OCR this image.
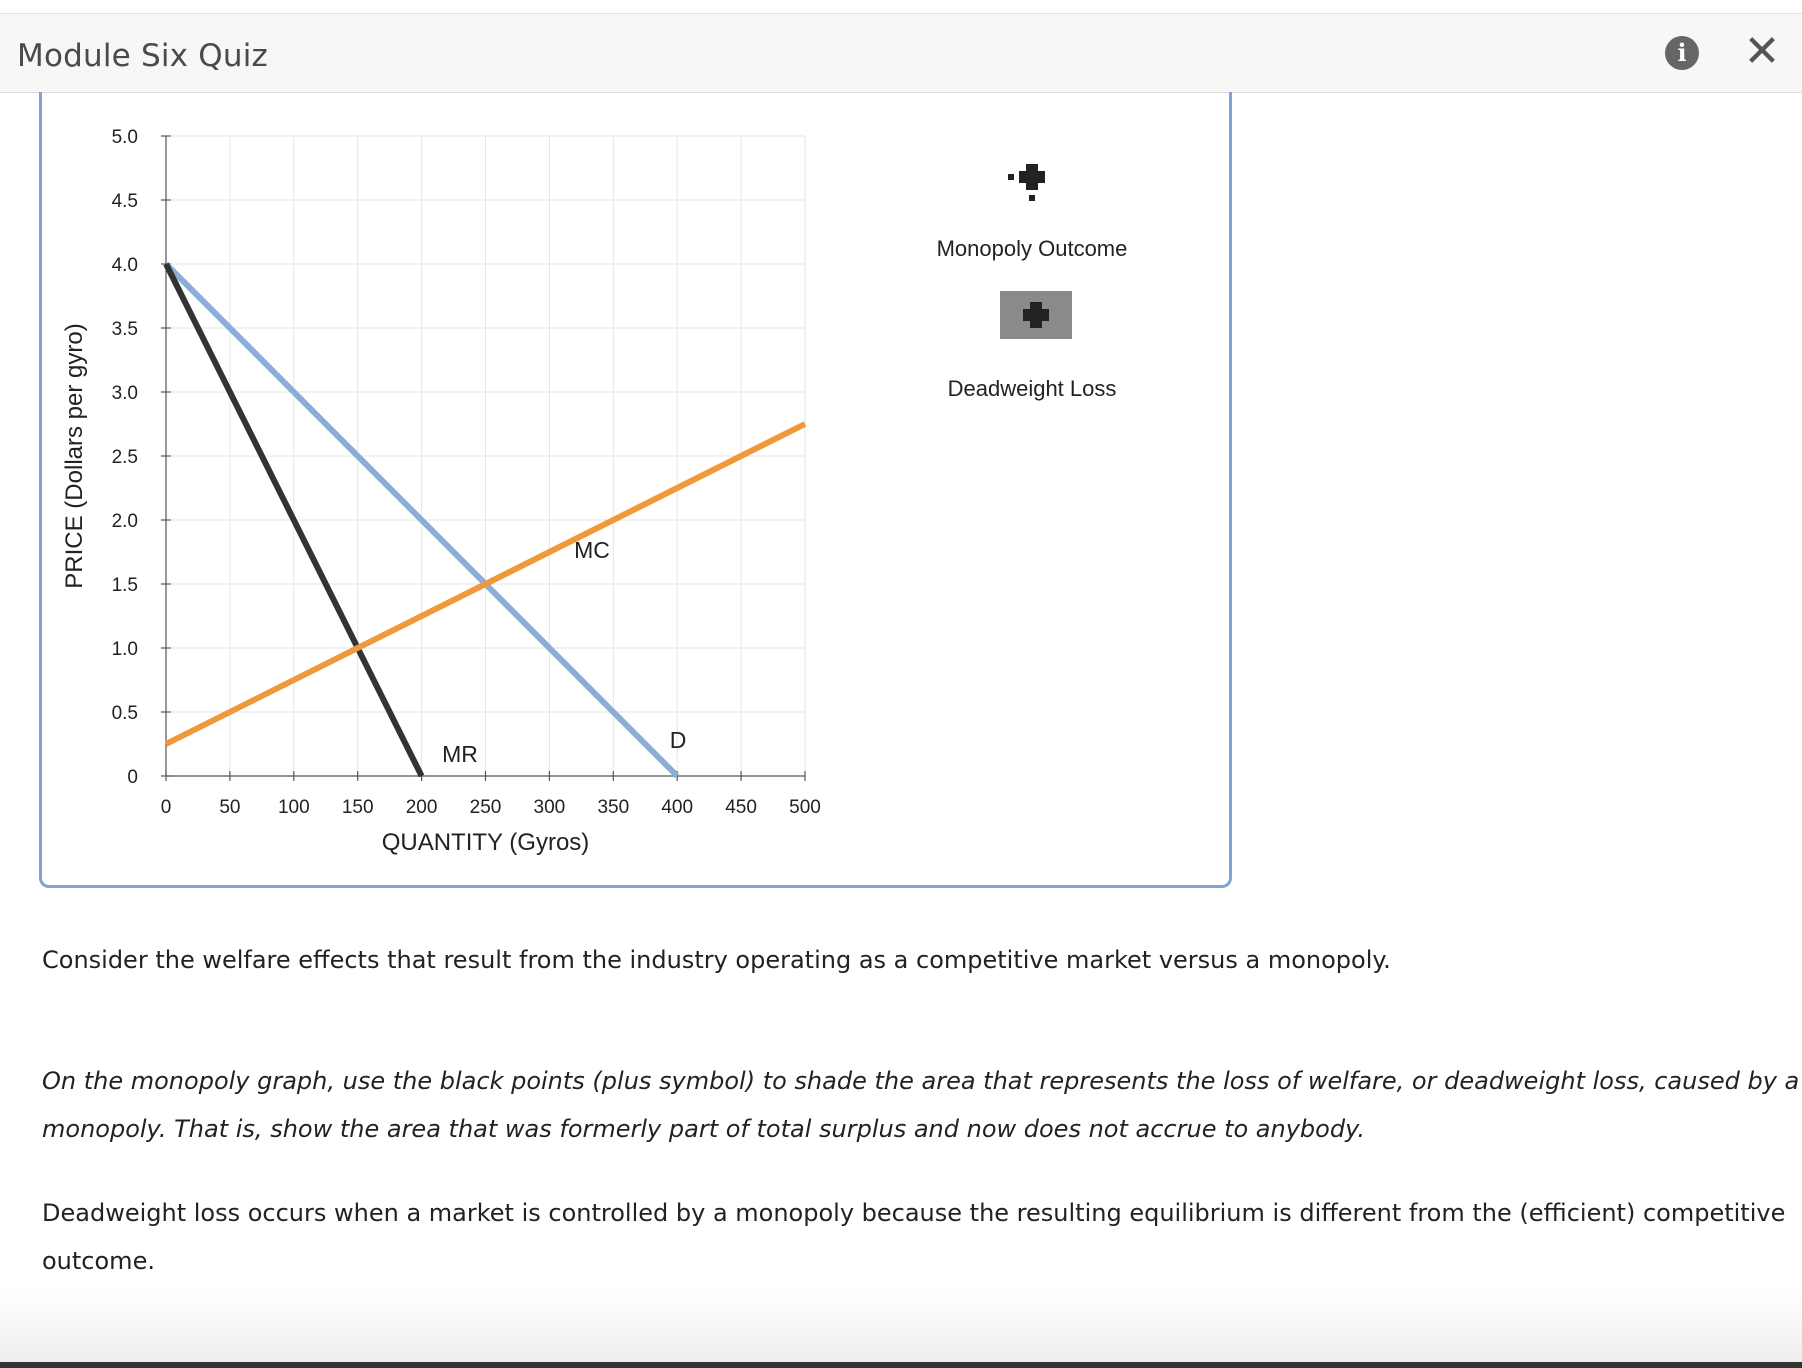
Module Six Quiz	i ✕
0	50 100 150 200 250 300 350 400 450 500
0
0.5
1.0
1.5
2.0
2.5
3.0
3.5
4.0
4.5
5.0
QUANTITY (Gyros)
PRICE (Dollars per gyro)
D
MR
MC
Monopoly Outcome
Deadweight Loss
Consider the welfare effects that result from the industry operating as a competitive market versus a monopoly.
On the monopoly graph, use the black points (plus symbol) to shade the area that represents the loss of welfare, or deadweight loss, caused by a
monopoly. That is, show the area that was formerly part of total surplus and now does not accrue to anybody.
Deadweight loss occurs when a market is controlled by a monopoly because the resulting equilibrium is different from the (efficient) competitive
outcome.
